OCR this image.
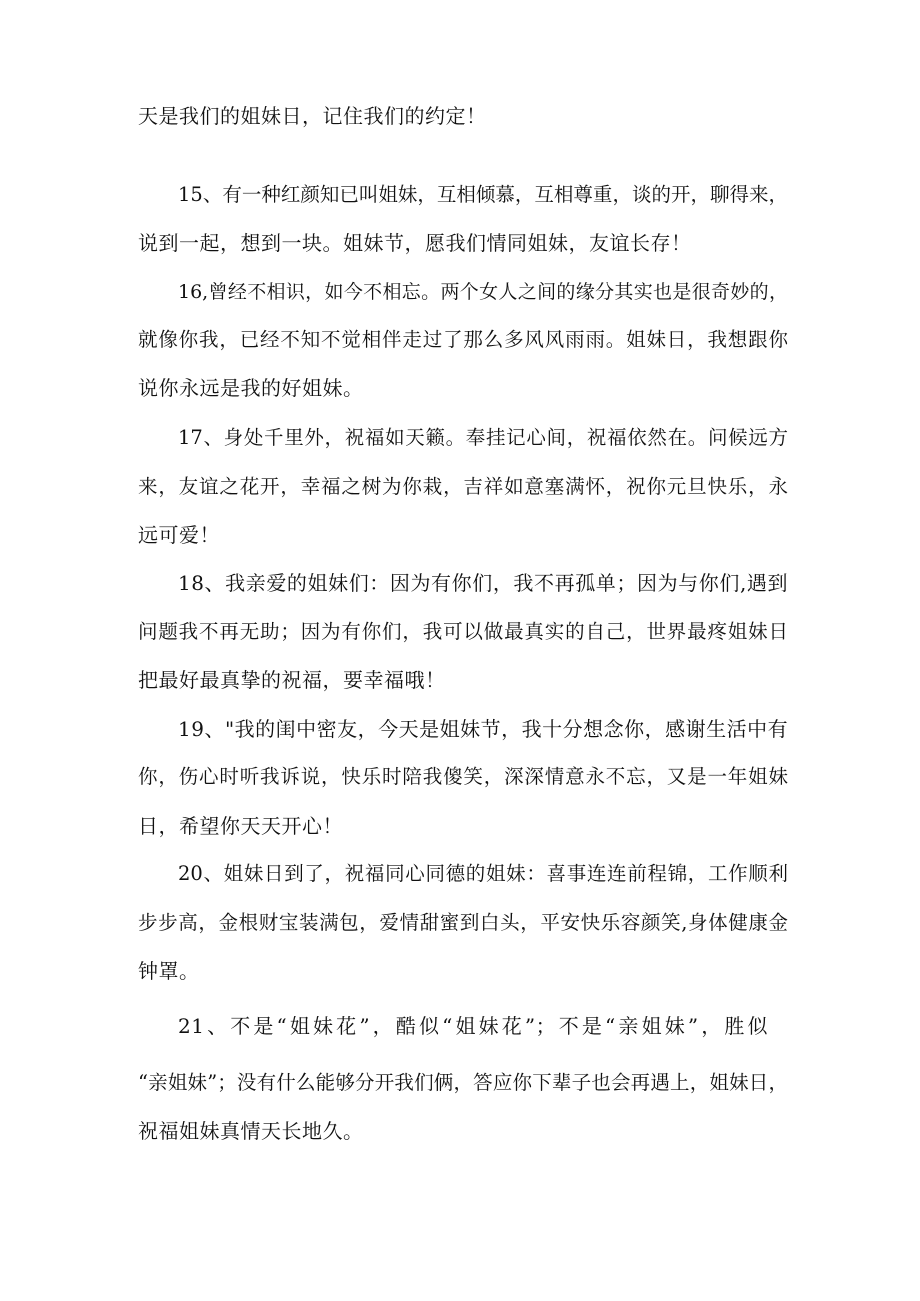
天是我们的姐妹日，记住我们的约定！
15、有一种红颜知已叫姐妹，互相倾慕，互相尊重，谈的开，聊得来，
说到一起，想到一块。姐妹节，愿我们情同姐妹，友谊长存！
16,曾经不相识，如今不相忘。两个女人之间的缘分其实也是很奇妙的，
就像你我，已经不知不觉相伴走过了那么多风风雨雨。姐妹日，我想跟你
说你永远是我的好姐妹。
17、身处千里外，祝福如天籁。奉挂记心间，祝福依然在。问候远方
来，友谊之花开，幸福之树为你栽，吉祥如意塞满怀，祝你元旦快乐，永
远可爱！
18、我亲爱的姐妹们：因为有你们，我不再孤单；因为与你们,遇到
问题我不再无助；因为有你们，我可以做最真实的自己，世界最疼姐妹日
把最好最真挚的祝福，要幸福哦！
19、"我的闺中密友，今天是姐妹节，我十分想念你，感谢生活中有
你，伤心时听我诉说，快乐时陪我傻笑，深深情意永不忘，又是一年姐妹
日，希望你天天开心！
20、姐妹日到了，祝福同心同德的姐妹：喜事连连前程锦，工作顺利
步步高，金根财宝装满包，爱情甜蜜到白头，平安快乐容颜笑,身体健康金
钟罩。
21、不是“姐妹花”，酷似“姐妹花”；不是“亲姐妹”，胜似
“亲姐妹”；没有什么能够分开我们俩，答应你下辈子也会再遇上，姐妹日，
祝福姐妹真情天长地久。
